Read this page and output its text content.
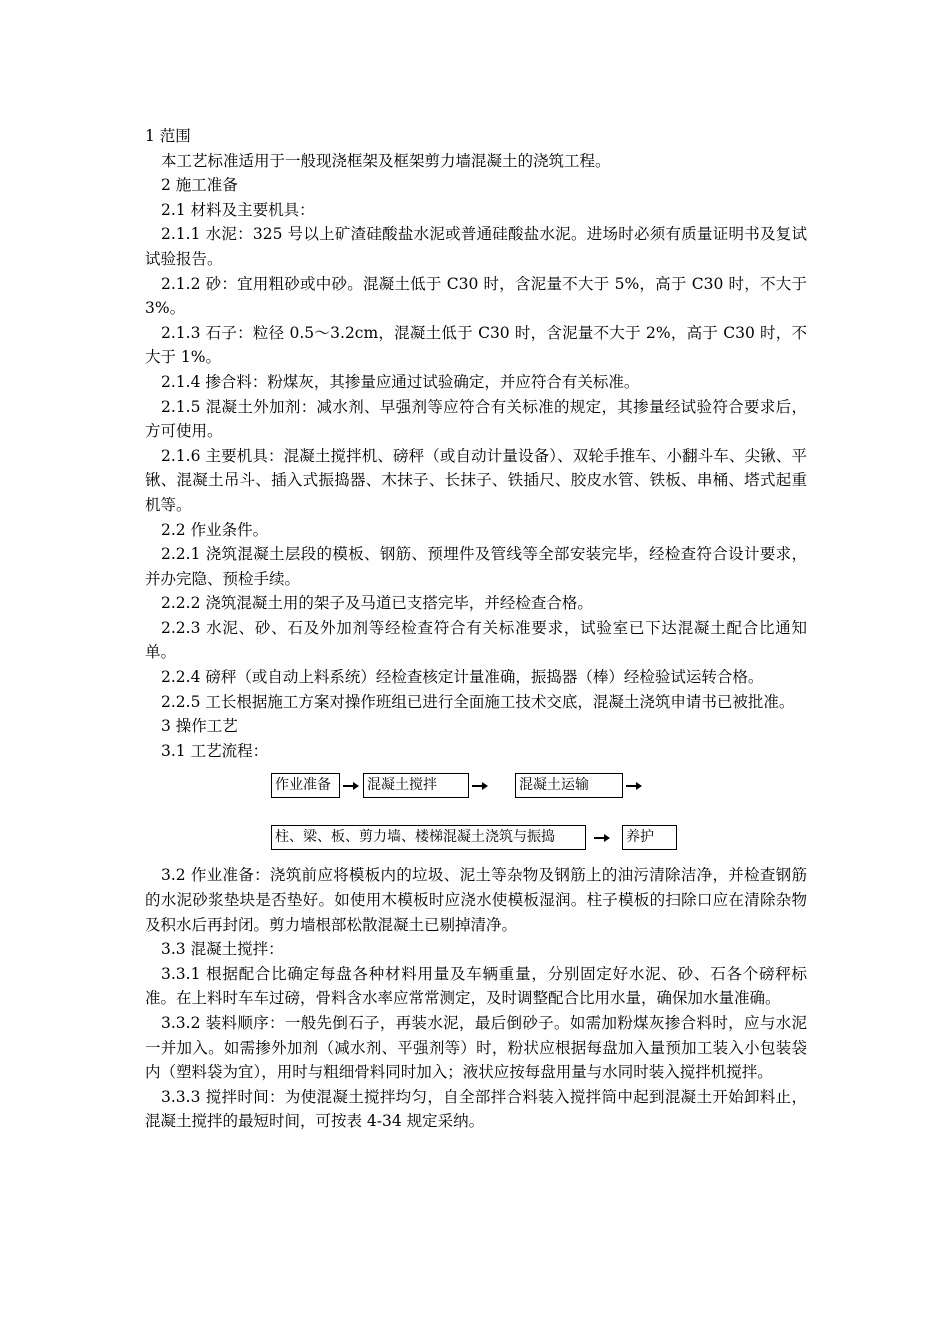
1 范围

本工艺标准适用于一般现浇框架及框架剪力墙混凝土的浇筑工程。

2 施工准备

2.1 材料及主要机具：

2.1.1 水泥：325 号以上矿渣硅酸盐水泥或普通硅酸盐水泥。进场时必须有质量证明书及复试试验报告。

2.1.2 砂：宜用粗砂或中砂。混凝土低于 C30 时，含泥量不大于 5%，高于 C30 时，不大于 3%。

2.1.3 石子：粒径 0.5～3.2cm，混凝土低于 C30 时，含泥量不大于 2%，高于 C30 时，不大于 1%。

2.1.4 掺合料：粉煤灰，其掺量应通过试验确定，并应符合有关标准。

2.1.5 混凝土外加剂：减水剂、早强剂等应符合有关标准的规定，其掺量经试验符合要求后，方可使用。

2.1.6 主要机具：混凝土搅拌机、磅秤（或自动计量设备）、双轮手推车、小翻斗车、尖锹、平锹、混凝土吊斗、插入式振捣器、木抹子、长抹子、铁插尺、胶皮水管、铁板、串桶、塔式起重机等。

2.2 作业条件。

2.2.1 浇筑混凝土层段的模板、钢筋、预埋件及管线等全部安装完毕，经检查符合设计要求，并办完隐、预检手续。

2.2.2 浇筑混凝土用的架子及马道已支搭完毕，并经检查合格。

2.2.3 水泥、砂、石及外加剂等经检查符合有关标准要求，试验室已下达混凝土配合比通知单。

2.2.4 磅秤（或自动上料系统）经检查核定计量准确，振捣器（棒）经检验试运转合格。

2.2.5 工长根据施工方案对操作班组已进行全面施工技术交底，混凝土浇筑申请书已被批准。

3 操作工艺

3.1 工艺流程：

作业准备	混凝土搅拌	混凝土运输
柱、梁、板、剪力墙、楼梯混凝土浇筑与振捣	养护

3.2 作业准备：浇筑前应将模板内的垃圾、泥土等杂物及钢筋上的油污清除洁净，并检查钢筋的水泥砂浆垫块是否垫好。如使用木模板时应浇水使模板湿润。柱子模板的扫除口应在清除杂物及积水后再封闭。剪力墙根部松散混凝土已剔掉清净。

3.3 混凝土搅拌：

3.3.1 根据配合比确定每盘各种材料用量及车辆重量，分别固定好水泥、砂、石各个磅秤标准。在上料时车车过磅，骨料含水率应常常测定，及时调整配合比用水量，确保加水量准确。

3.3.2 装料顺序：一般先倒石子，再装水泥，最后倒砂子。如需加粉煤灰掺合料时，应与水泥一并加入。如需掺外加剂（减水剂、平强剂等）时，粉状应根据每盘加入量预加工装入小包装袋内（塑料袋为宜），用时与粗细骨料同时加入；液状应按每盘用量与水同时装入搅拌机搅拌。

3.3.3 搅拌时间：为使混凝土搅拌均匀，自全部拌合料装入搅拌筒中起到混凝土开始卸料止，混凝土搅拌的最短时间，可按表 4-34 规定采纳。
